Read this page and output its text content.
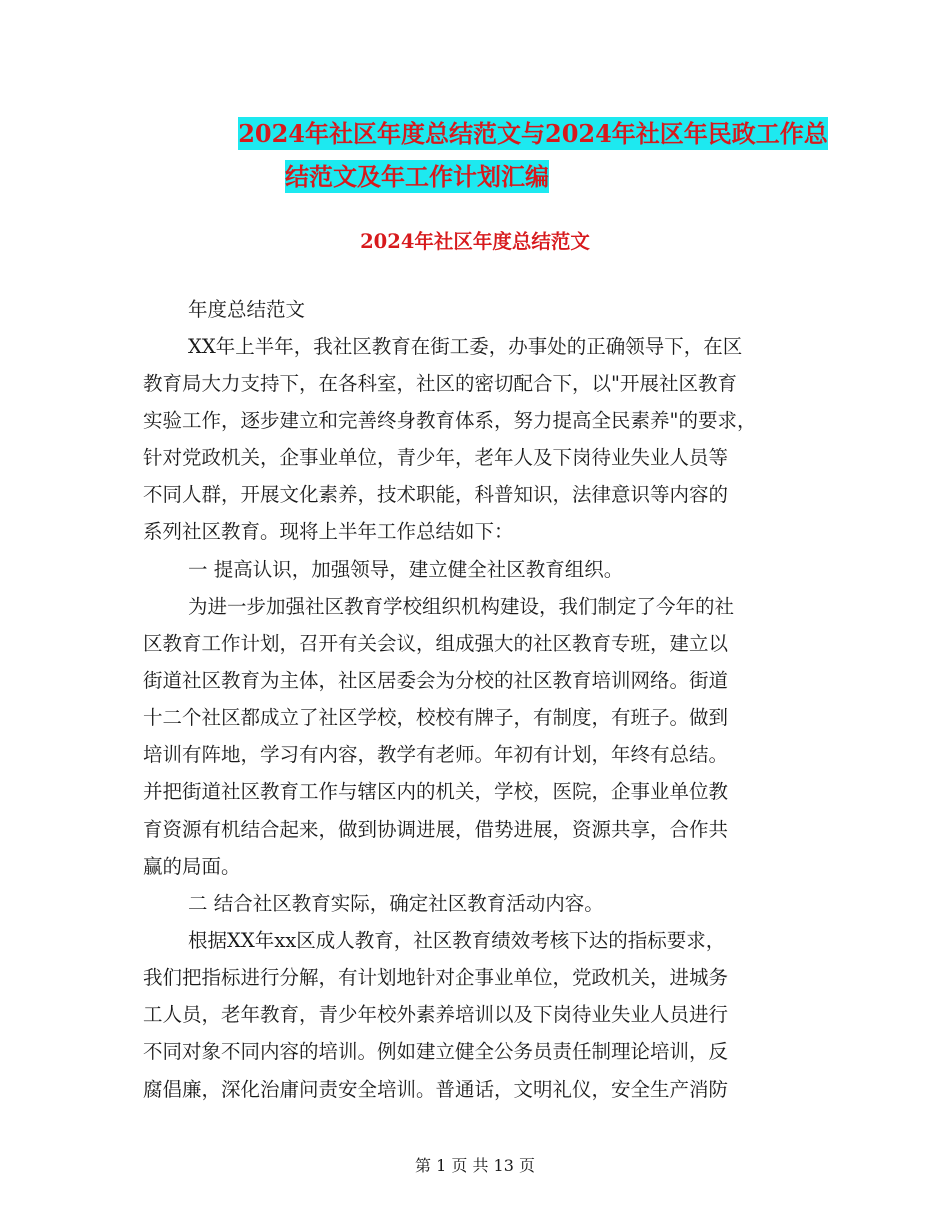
2024年社区年度总结范文与2024年社区年民政工作总
结范文及年工作计划汇编
2024年社区年度总结范文
年度总结范文
XX年上半年，我社区教育在街工委，办事处的正确领导下，在区
教育局大力支持下，在各科室，社区的密切配合下，以"开展社区教育
实验工作，逐步建立和完善终身教育体系，努力提高全民素养"的要求，
针对党政机关，企事业单位，青少年，老年人及下岗待业失业人员等
不同人群，开展文化素养，技术职能，科普知识，法律意识等内容的
系列社区教育。现将上半年工作总结如下：
一 提高认识，加强领导，建立健全社区教育组织。
为进一步加强社区教育学校组织机构建设，我们制定了今年的社
区教育工作计划，召开有关会议，组成强大的社区教育专班，建立以
街道社区教育为主体，社区居委会为分校的社区教育培训网络。街道
十二个社区都成立了社区学校，校校有牌子，有制度，有班子。做到
培训有阵地，学习有内容，教学有老师。年初有计划，年终有总结。
并把街道社区教育工作与辖区内的机关，学校，医院，企事业单位教
育资源有机结合起来，做到协调进展，借势进展，资源共享，合作共
赢的局面。
二 结合社区教育实际，确定社区教育活动内容。
根据XX年xx区成人教育，社区教育绩效考核下达的指标要求，
我们把指标进行分解，有计划地针对企事业单位，党政机关，进城务
工人员，老年教育，青少年校外素养培训以及下岗待业失业人员进行
不同对象不同内容的培训。例如建立健全公务员责任制理论培训，反
腐倡廉，深化治庸问责安全培训。普通话，文明礼仪，安全生产消防
第 1 页 共 13 页
